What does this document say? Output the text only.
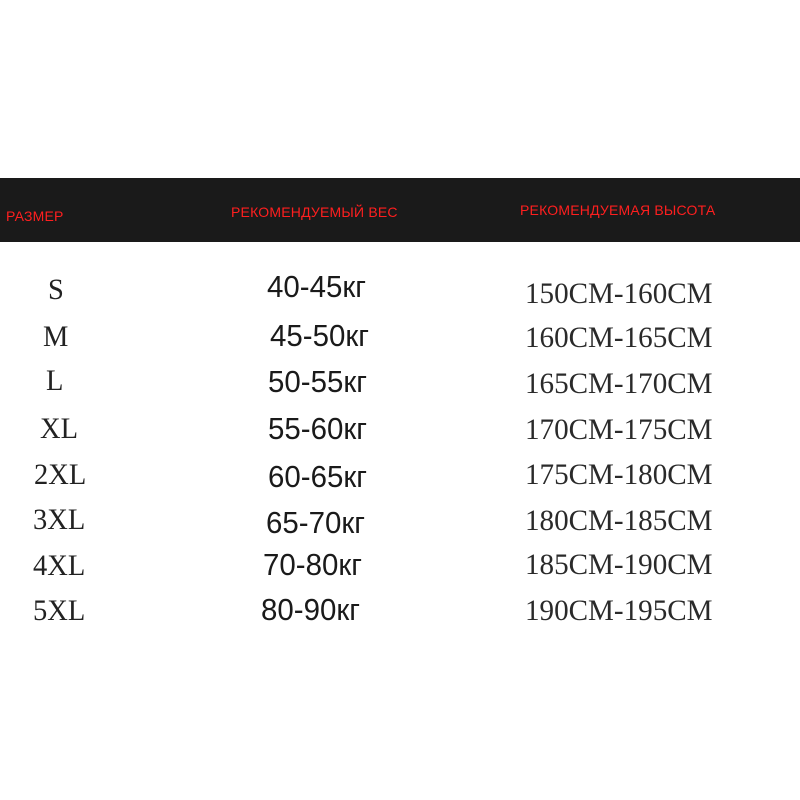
РАЗМЕР	РЕКОМЕНДУЕМЫЙ ВЕС	РЕКОМЕНДУЕМАЯ ВЫСОТА
S	40-45кг	150CM-160CM
M	45-50кг	160CM-165CM
L	50-55кг	165CM-170CM
XL	55-60кг	170CM-175CM
2XL	60-65кг	175CM-180CM
3XL	65-70кг	180CM-185CM
4XL	70-80кг	185CM-190CM
5XL	80-90кг	190CM-195CM
